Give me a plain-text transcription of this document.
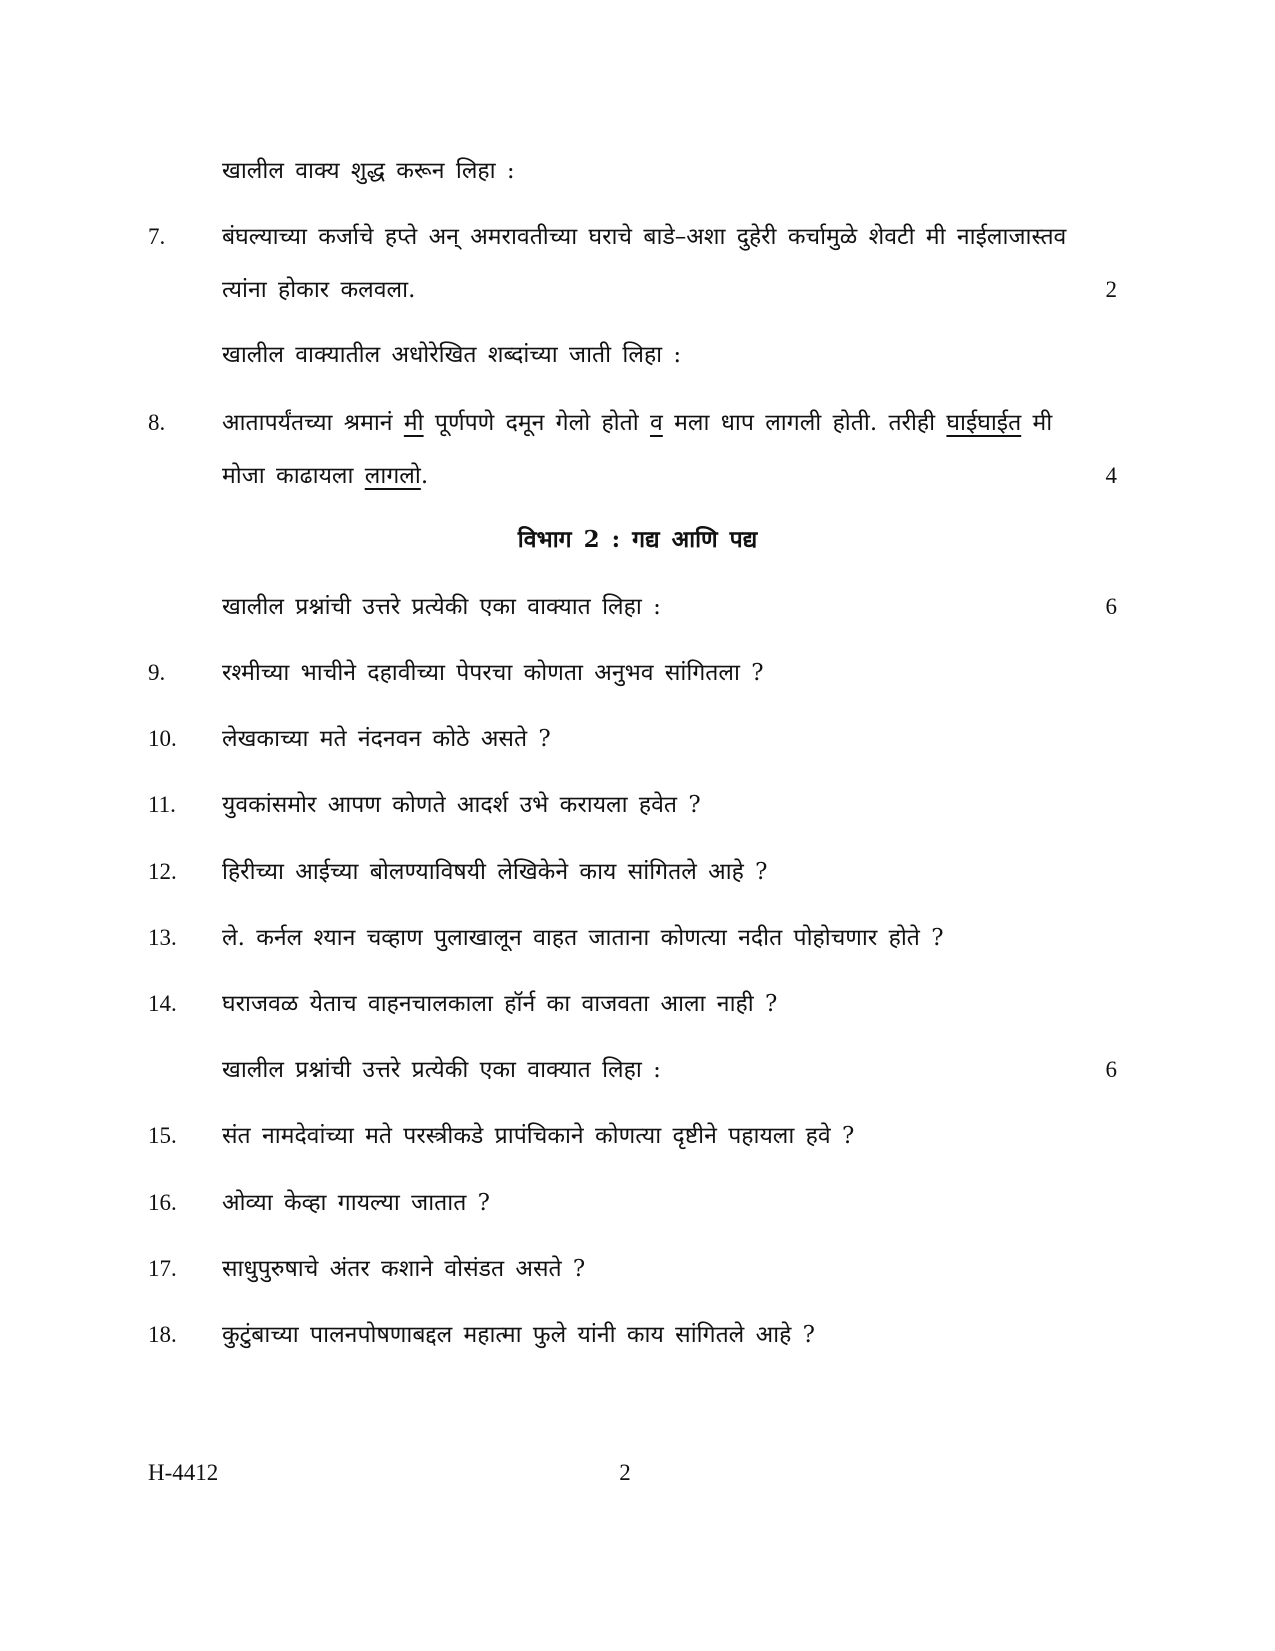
खालील वाक्य शुद्ध करून लिहा :
7. बंघल्याच्या कर्जाचे हप्ते अन् अमरावतीच्या घराचे बाडे–अशा दुहेरी कर्चामुळे शेवटी मी नाईलाजास्तव
त्यांना होकार कलवला.	2
खालील वाक्यातील अधोरेखित शब्दांच्या जाती लिहा :
8. आतापर्यंतच्या श्रमानं मी पूर्णपणे दमून गेलो होतो व मला धाप लागली होती. तरीही घाईघाईत मी
मोजा काढायला लागलो.	4
विभाग 2 : गद्य आणि पद्य
खालील प्रश्नांची उत्तरे प्रत्येकी एका वाक्यात लिहा :	6
9. रश्मीच्या भाचीने दहावीच्या पेपरचा कोणता अनुभव सांगितला ?
10. लेखकाच्या मते नंदनवन कोठे असते ?
11. युवकांसमोर आपण कोणते आदर्श उभे करायला हवेत ?
12. हिरीच्या आईच्या बोलण्याविषयी लेखिकेने काय सांगितले आहे ?
13. ले. कर्नल श्यान चव्हाण पुलाखालून वाहत जाताना कोणत्या नदीत पोहोचणार होते ?
14. घराजवळ येताच वाहनचालकाला हॉर्न का वाजवता आला नाही ?
खालील प्रश्नांची उत्तरे प्रत्येकी एका वाक्यात लिहा :	6
15. संत नामदेवांच्या मते परस्त्रीकडे प्रापंचिकाने कोणत्या दृष्टीने पहायला हवे ?
16. ओव्या केव्हा गायल्या जातात ?
17. साधुपुरुषाचे अंतर कशाने वोसंडत असते ?
18. कुटुंबाच्या पालनपोषणाबद्दल महात्मा फुले यांनी काय सांगितले आहे ?
H-4412	2
